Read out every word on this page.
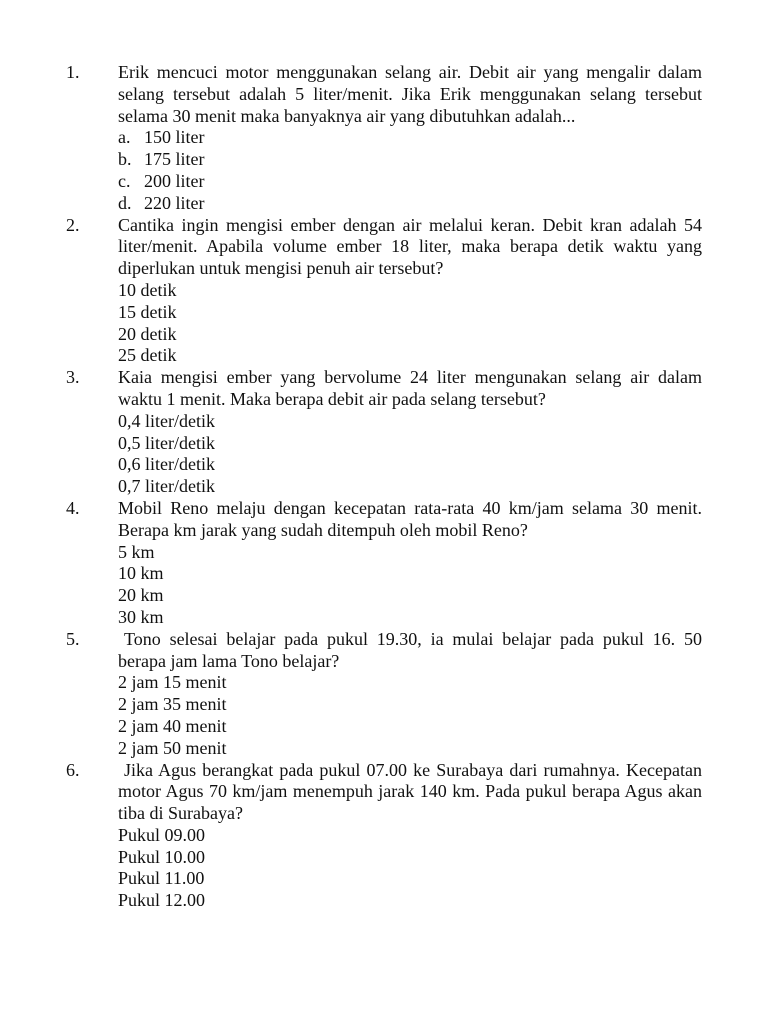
1. Erik mencuci motor menggunakan selang air. Debit air yang mengalir dalam selang tersebut adalah 5 liter/menit. Jika Erik menggunakan selang tersebut selama 30 menit maka banyaknya air yang dibutuhkan adalah...

a. 150 liter
b. 175 liter
c. 200 liter
d. 220 liter
2. Cantika ingin mengisi ember dengan air melalui keran. Debit kran adalah 54 liter/menit. Apabila volume ember 18 liter, maka berapa detik waktu yang diperlukan untuk mengisi penuh air tersebut?

10 detik
15 detik
20 detik
25 detik
3. Kaia mengisi ember yang bervolume 24 liter mengunakan selang air dalam waktu 1 menit. Maka berapa debit air pada selang tersebut?

0,4 liter/detik
0,5 liter/detik
0,6 liter/detik
0,7 liter/detik
4. Mobil Reno melaju dengan kecepatan rata-rata 40 km/jam selama 30 menit. Berapa km jarak yang sudah ditempuh oleh mobil Reno?

5 km
10 km
20 km
30 km
5.	Tono selesai belajar pada pukul 19.30, ia mulai belajar pada pukul 16. 50 berapa jam lama Tono belajar?

2 jam 15 menit
2 jam 35 menit
2 jam 40 menit
2 jam 50 menit
6.	Jika Agus berangkat pada pukul 07.00 ke Surabaya dari rumahnya. Kecepatan motor Agus 70 km/jam menempuh jarak 140 km. Pada pukul berapa Agus akan tiba di Surabaya?

Pukul 09.00
Pukul 10.00
Pukul 11.00
Pukul 12.00
